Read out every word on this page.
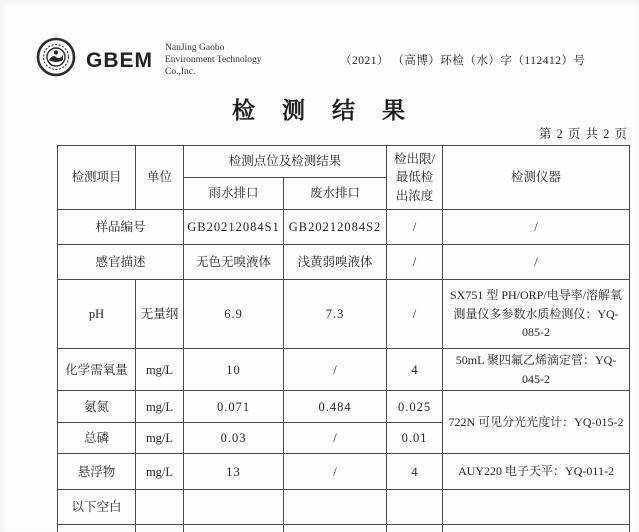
GBEM
NanJing Gaobo
Environment Technology
Co.,Inc.
（2021） （高博）环检（水）字（112412）号
检　测　结　果
第 2 页 共 2 页
检测项目	单位	检测点位及检测结果		检出限/最低检出浓度	检测仪器
		雨水排口	废水排口		
样品编号		GB20212084S1	GB20212084S2	/	/
感官描述		无色无嗅液体	浅黄弱嗅液体	/	/
pH	无量纲	6.9	7.3	/	SX751 型 PH/ORP/电导率/溶解氧测量仪多参数水质检测仪：YQ-085-2
化学需氧量	mg/L	10	/	4	50mL 聚四氟乙烯滴定管：YQ-045-2
氨氮	mg/L	0.071	0.484	0.025	722N 可见分光光度计：YQ-015-2
总磷	mg/L	0.03	/	0.01	
悬浮物	mg/L	13	/	4	AUY220 电子天平：YQ-011-2
以下空白					
